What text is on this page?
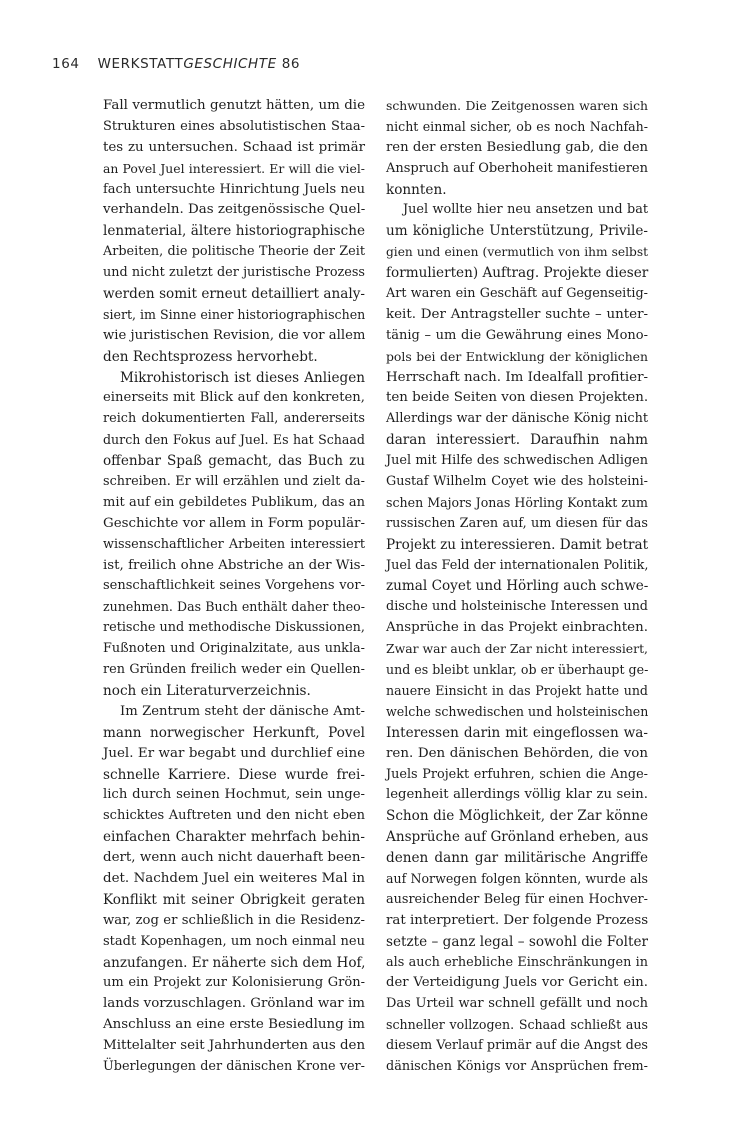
164 WERKSTATTGESCHICHTE 86
Fall vermutlich genutzt hätten, um die
Strukturen eines absolutistischen Staa-
tes zu untersuchen. Schaad ist primär
an Povel Juel interessiert. Er will die viel-
fach untersuchte Hinrichtung Juels neu
verhandeln. Das zeitgenössische Quel-
lenmaterial, ältere historiographische
Arbeiten, die politische Theorie der Zeit
und nicht zuletzt der juristische Prozess
werden somit erneut detailliert analy-
siert, im Sinne einer historiographischen
wie juristischen Revision, die vor allem
den Rechtsprozess hervorhebt.
Mikrohistorisch ist dieses Anliegen
einerseits mit Blick auf den konkreten,
reich dokumentierten Fall, andererseits
durch den Fokus auf Juel. Es hat Schaad
offenbar Spaß gemacht, das Buch zu
schreiben. Er will erzählen und zielt da-
mit auf ein gebildetes Publikum, das an
Geschichte vor allem in Form populär-
wissenschaftlicher Arbeiten interessiert
ist, freilich ohne Abstriche an der Wis-
senschaftlichkeit seines Vorgehens vor-
zunehmen. Das Buch enthält daher theo-
retische und methodische Diskussionen,
Fußnoten und Originalzitate, aus unkla-
ren Gründen freilich weder ein Quellen-
noch ein Literaturverzeichnis.
Im Zentrum steht der dänische Amt-
mann norwegischer Herkunft, Povel
Juel. Er war begabt und durchlief eine
schnelle Karriere. Diese wurde frei-
lich durch seinen Hochmut, sein unge-
schicktes Auftreten und den nicht eben
einfachen Charakter mehrfach behin-
dert, wenn auch nicht dauerhaft been-
det. Nachdem Juel ein weiteres Mal in
Konflikt mit seiner Obrigkeit geraten
war, zog er schließlich in die Residenz-
stadt Kopenhagen, um noch einmal neu
anzufangen. Er näherte sich dem Hof,
um ein Projekt zur Kolonisierung Grön-
lands vorzuschlagen. Grönland war im
Anschluss an eine erste Besiedlung im
Mittelalter seit Jahrhunderten aus den
Überlegungen der dänischen Krone ver-
schwunden. Die Zeitgenossen waren sich
nicht einmal sicher, ob es noch Nachfah-
ren der ersten Besiedlung gab, die den
Anspruch auf Oberhoheit manifestieren
konnten.
Juel wollte hier neu ansetzen und bat
um königliche Unterstützung, Privile-
gien und einen (vermutlich von ihm selbst
formulierten) Auftrag. Projekte dieser
Art waren ein Geschäft auf Gegenseitig-
keit. Der Antragsteller suchte – unter-
tänig – um die Gewährung eines Mono-
pols bei der Entwicklung der königlichen
Herrschaft nach. Im Idealfall profitier-
ten beide Seiten von diesen Projekten.
Allerdings war der dänische König nicht
daran interessiert. Daraufhin nahm
Juel mit Hilfe des schwedischen Adligen
Gustaf Wilhelm Coyet wie des holsteini-
schen Majors Jonas Hörling Kontakt zum
russischen Zaren auf, um diesen für das
Projekt zu interessieren. Damit betrat
Juel das Feld der internationalen Politik,
zumal Coyet und Hörling auch schwe-
dische und holsteinische Interessen und
Ansprüche in das Projekt einbrachten.
Zwar war auch der Zar nicht interessiert,
und es bleibt unklar, ob er überhaupt ge-
nauere Einsicht in das Projekt hatte und
welche schwedischen und holsteinischen
Interessen darin mit eingeflossen wa-
ren. Den dänischen Behörden, die von
Juels Projekt erfuhren, schien die Ange-
legenheit allerdings völlig klar zu sein.
Schon die Möglichkeit, der Zar könne
Ansprüche auf Grönland erheben, aus
denen dann gar militärische Angriffe
auf Norwegen folgen könnten, wurde als
ausreichender Beleg für einen Hochver-
rat interpretiert. Der folgende Prozess
setzte – ganz legal – sowohl die Folter
als auch erhebliche Einschränkungen in
der Verteidigung Juels vor Gericht ein.
Das Urteil war schnell gefällt und noch
schneller vollzogen. Schaad schließt aus
diesem Verlauf primär auf die Angst des
dänischen Königs vor Ansprüchen frem-
